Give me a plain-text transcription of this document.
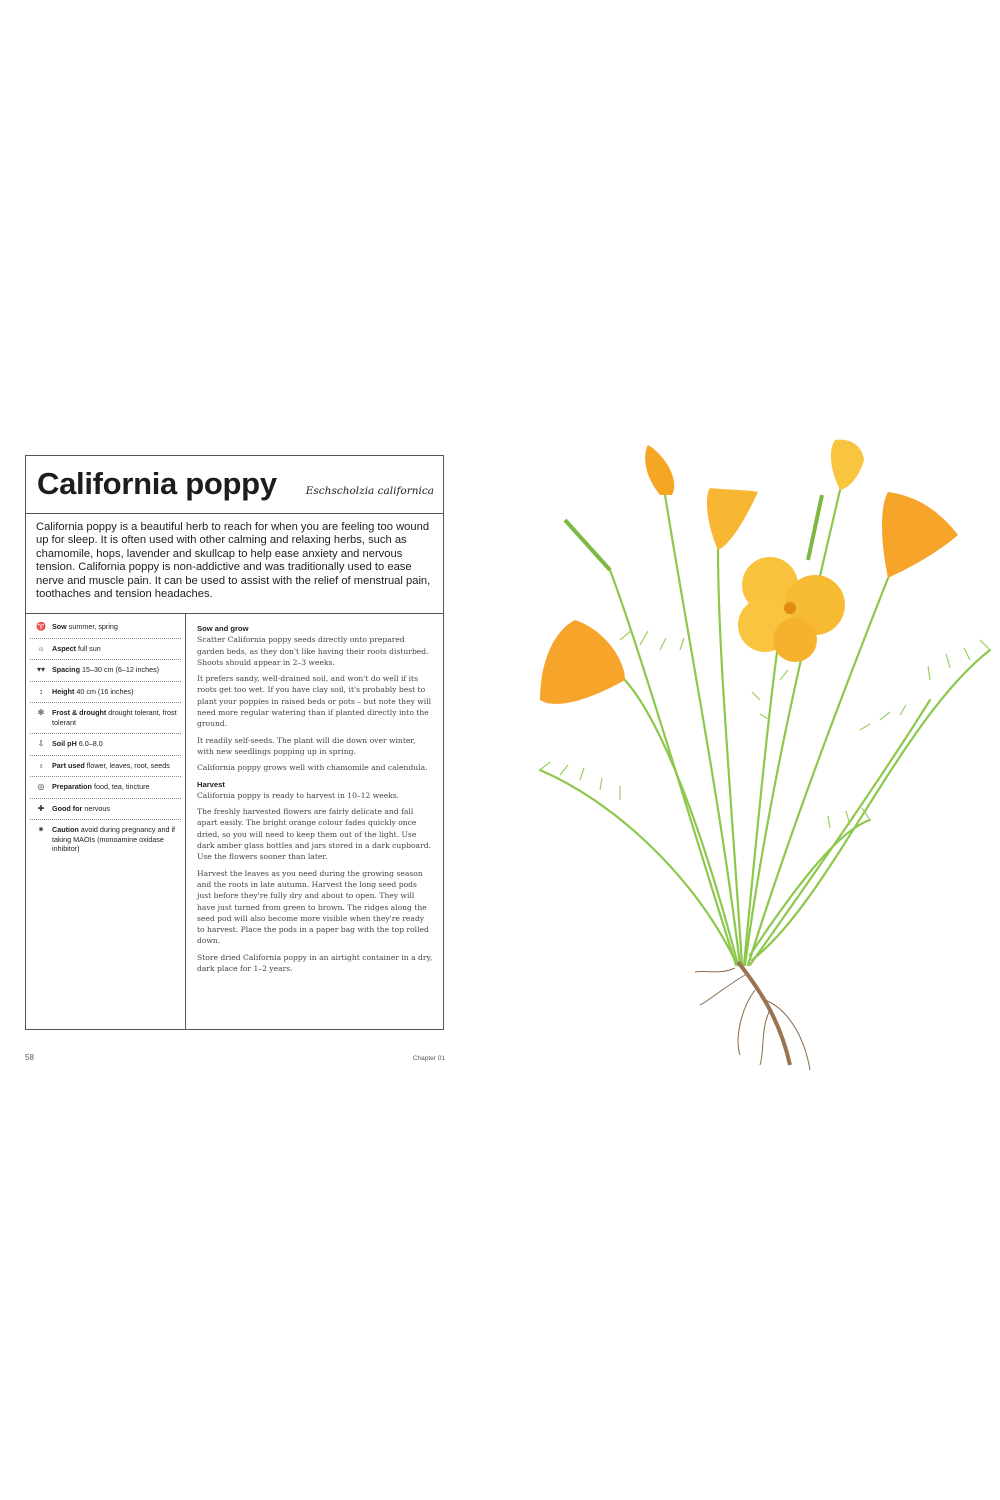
California poppy	Eschscholzia californica
California poppy is a beautiful herb to reach for when you are feeling too wound up for sleep. It is often used with other calming and relaxing herbs, such as chamomile, hops, lavender and skullcap to help ease anxiety and nervous tension. California poppy is non-addictive and was traditionally used to ease nerve and muscle pain. It can be used to assist with the relief of menstrual pain, toothaches and tension headaches.
♈ Sow summer, spring
☼	Aspect full sun
▾▾ Spacing 15–30 cm (6–12 inches)
↕	Height 40 cm (16 inches)
✻	Frost & drought drought tolerant, frost tolerant
⇩	Soil pH 6.0–8.0
♁	Part used flower, leaves, root, seeds
◎	Preparation food, tea, tincture
✚	Good for nervous
✷	Caution avoid during pregnancy and if taking MAOIs (monoamine oxidase inhibitor)
Sow and grow

Scatter California poppy seeds directly onto prepared garden beds, as they don't like having their roots disturbed. Shoots should appear in 2–3 weeks.

It prefers sandy, well-drained soil, and won't do well if its roots get too wet. If you have clay soil, it's probably best to plant your poppies in raised beds or pots – but note they will need more regular watering than if planted directly into the ground.

It readily self-seeds. The plant will die down over winter, with new seedlings popping up in spring.

California poppy grows well with chamomile and calendula.

Harvest

California poppy is ready to harvest in 10–12 weeks.

The freshly harvested flowers are fairly delicate and fall apart easily. The bright orange colour fades quickly once dried, so you will need to keep them out of the light. Use dark amber glass bottles and jars stored in a dark cupboard. Use the flowers sooner than later.

Harvest the leaves as you need during the growing season and the roots in late autumn. Harvest the long seed pods just before they're fully dry and about to open. They will have just turned from green to brown. The ridges along the seed pod will also become more visible when they're ready to harvest. Place the pods in a paper bag with the top rolled down.

Store dried California poppy in an airtight container in a dry, dark place for 1–2 years.

58	Chapter 01
